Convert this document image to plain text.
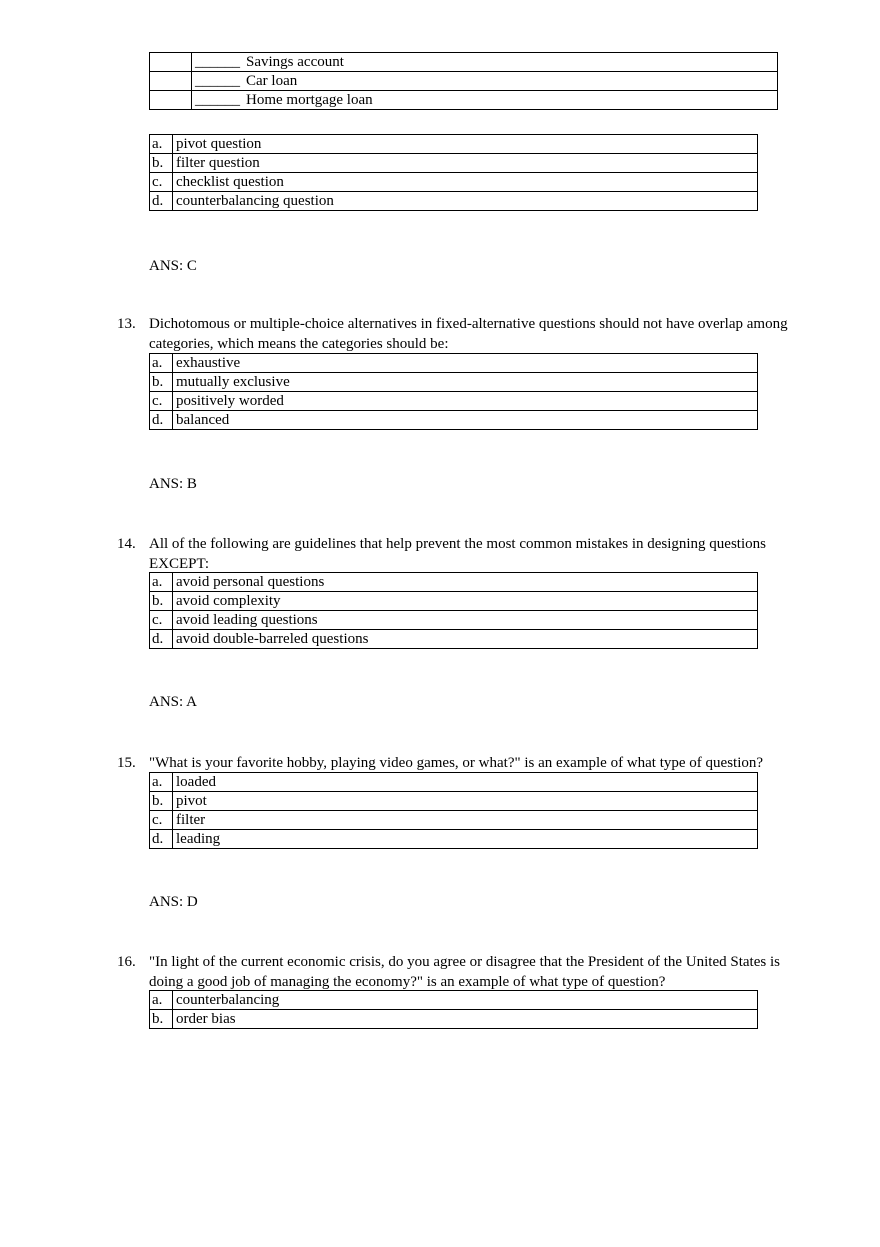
	______ Savings account
	______ Car loan
	______ Home mortgage loan
a.	pivot question
b.	filter question
c.	checklist question
d.	counterbalancing question
ANS: C
13. Dichotomous or multiple-choice alternatives in fixed-alternative questions should not have overlap among categories, which means the categories should be:
a.	exhaustive
b.	mutually exclusive
c.	positively worded
d.	balanced
ANS: B
14. All of the following are guidelines that help prevent the most common mistakes in designing questions EXCEPT:
a.	avoid personal questions
b.	avoid complexity
c.	avoid leading questions
d.	avoid double-barreled questions
ANS: A
15. "What is your favorite hobby, playing video games, or what?" is an example of what type of question?
a.	loaded
b.	pivot
c.	filter
d.	leading
ANS: D
16. "In light of the current economic crisis, do you agree or disagree that the President of the United States is doing a good job of managing the economy?" is an example of what type of question?
a.	counterbalancing
b.	order bias
